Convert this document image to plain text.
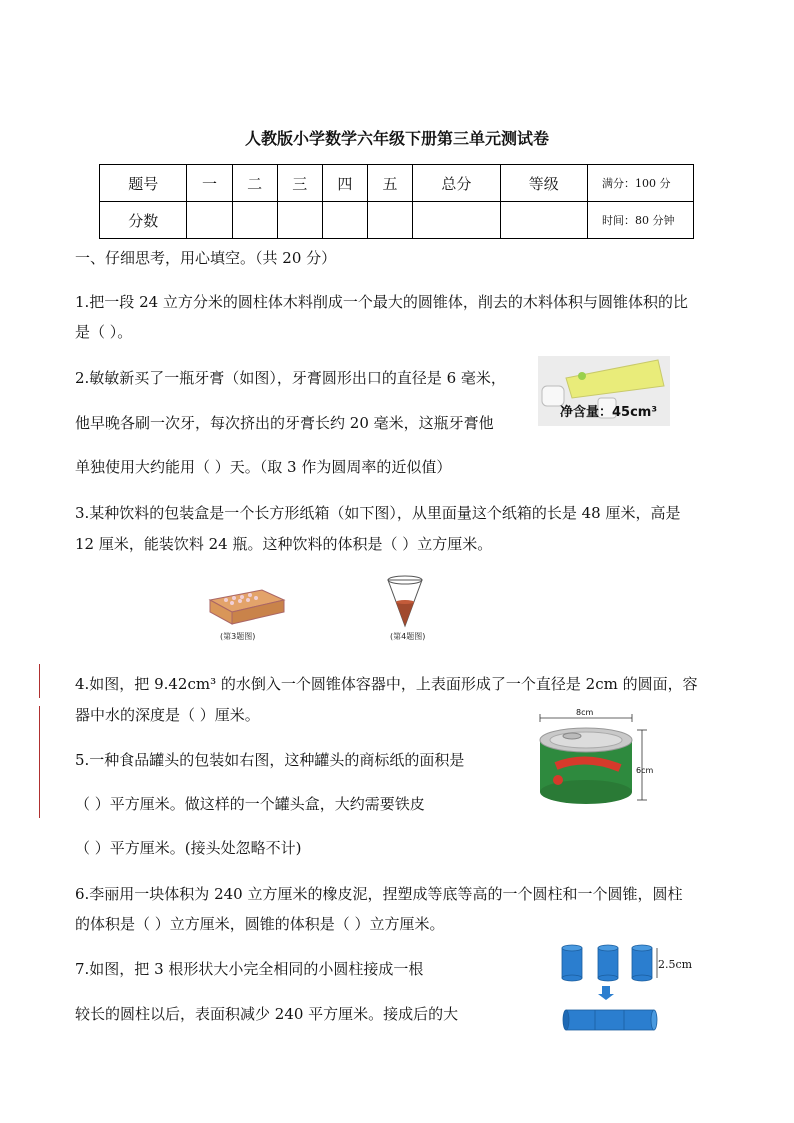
人教版小学数学六年级下册第三单元测试卷
题号	一	二	三	四	五	总分	等级	满分：100 分
分数								时间：80 分钟
一、仔细思考，用心填空。（共 20 分）
1.把一段 24 立方分米的圆柱体木料削成一个最大的圆锥体，削去的木料体积与圆锥体积的比
是（ ）。
2.敏敏新买了一瓶牙膏（如图），牙膏圆形出口的直径是 6 毫米，
他早晚各刷一次牙，每次挤出的牙膏长约 20 毫米，这瓶牙膏他
单独使用大约能用（ ）天。（取 3 作为圆周率的近似值）
净含量：45cm³
3.某种饮料的包装盒是一个长方形纸箱（如下图），从里面量这个纸箱的长是 48 厘米，高是
12 厘米，能装饮料 24 瓶。这种饮料的体积是（ ）立方厘米。
(第3题图)	(第4题图)
4.如图，把 9.42cm³ 的水倒入一个圆锥体容器中，上表面形成了一个直径是 2cm 的圆面，容
器中水的深度是（ ）厘米。
5.一种食品罐头的包装如右图，这种罐头的商标纸的面积是
（ ）平方厘米。做这样的一个罐头盒，大约需要铁皮
（ ）平方厘米。(接头处忽略不计)
8cm
6cm
6.李丽用一块体积为 240 立方厘米的橡皮泥，捏塑成等底等高的一个圆柱和一个圆锥，圆柱
的体积是（ ）立方厘米，圆锥的体积是（ ）立方厘米。
7.如图，把 3 根形状大小完全相同的小圆柱接成一根
较长的圆柱以后，表面积减少 240 平方厘米。接成后的大
2.5cm
